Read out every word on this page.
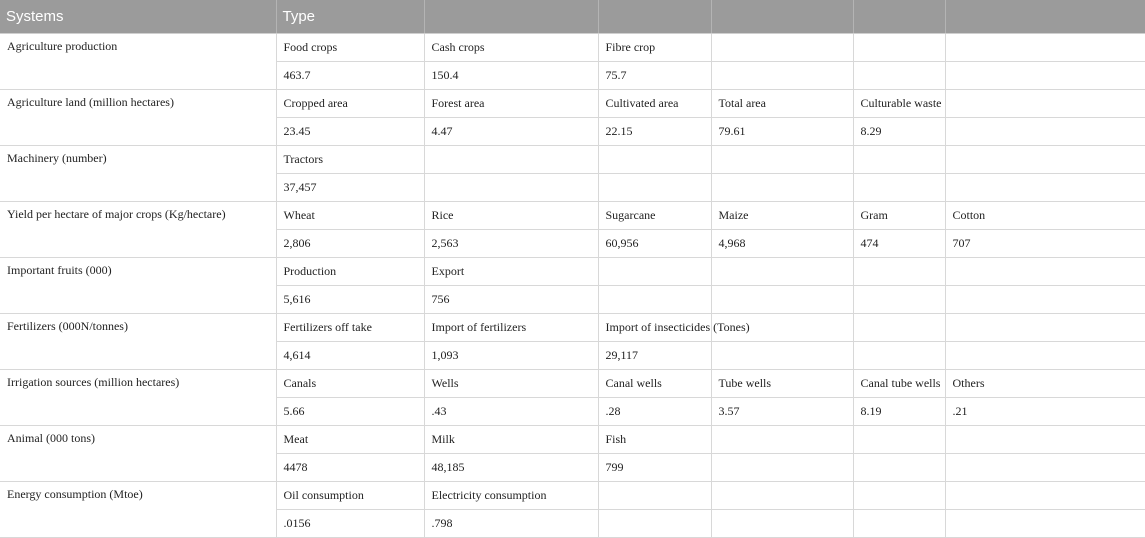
Systems	Type					
Agriculture production	Food crops	Cash crops	Fibre crop			
	463.7	150.4	75.7			
Agriculture land (million hectares)	Cropped area	Forest area	Cultivated area	Total area	Culturable waste	
	23.45	4.47	22.15	79.61	8.29	
Machinery (number)	Tractors					
	37,457					
Yield per hectare of major crops (Kg/hectare)	Wheat	Rice	Sugarcane	Maize	Gram	Cotton
	2,806	2,563	60,956	4,968	474	707
Important fruits (000)	Production	Export				
	5,616	756				
Fertilizers (000N/tonnes)	Fertilizers off take	Import of fertilizers	Import of insecticides (Tones)			
	4,614	1,093	29,117			
Irrigation sources (million hectares)	Canals	Wells	Canal wells	Tube wells	Canal tube wells	Others
	5.66	.43	.28	3.57	8.19	.21
Animal (000 tons)	Meat	Milk	Fish			
	4478	48,185	799			
Energy consumption (Mtoe)	Oil consumption	Electricity consumption				
	.0156	.798				
